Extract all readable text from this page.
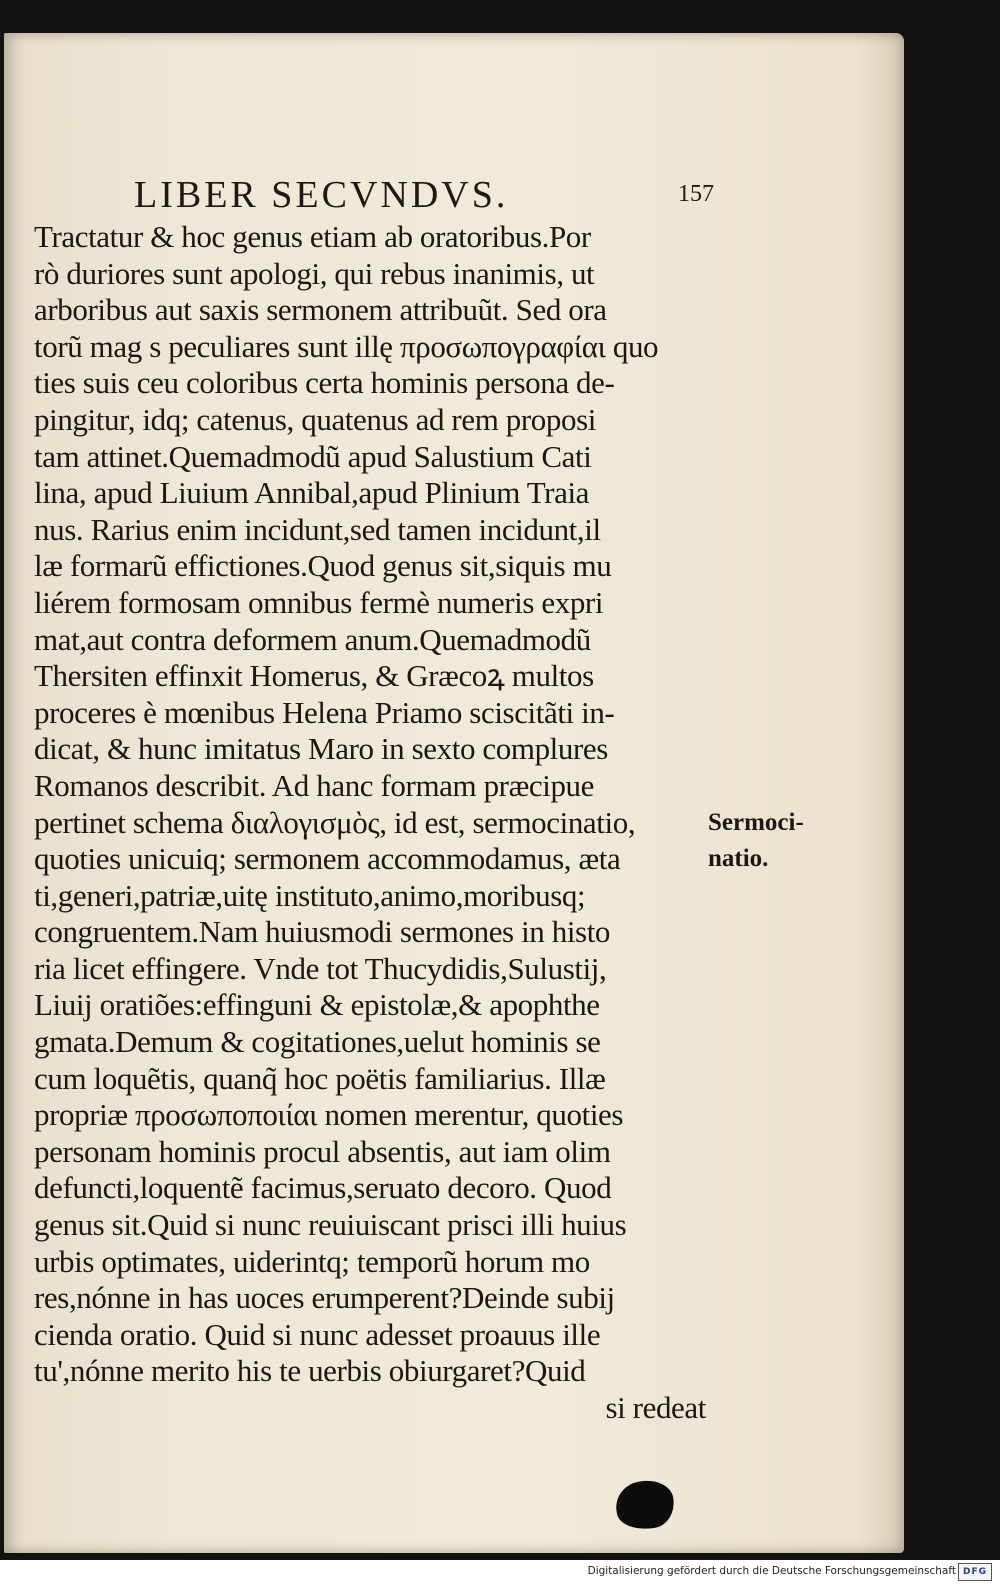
LIBER SECVNDVS.	157
Tractatur & hoc genus etiam ab oratoribus.Por
rò duriores sunt apologi, qui rebus inanimis, ut
arboribus aut saxis sermonem attribuũt. Sed ora
torũ mag s peculiares sunt illę προσωπογραφίαι quo
ties suis ceu coloribus certa hominis persona de-
pingitur, idq; catenus, quatenus ad rem proposi
tam attinet.Quemadmodũ apud Salustium Cati
lina, apud Liuium Annibal,apud Plinium Traia
nus. Rarius enim incidunt,sed tamen incidunt,il
læ formarũ effictiones.Quod genus sit,siquis mu
liérem formosam omnibus fermè numeris expri
mat,aut contra deformem anum.Quemadmodũ
Thersiten effinxit Homerus, & Græcoꝝ multos
proceres è mœnibus Helena Priamo sciscitãti in-
dicat, & hunc imitatus Maro in sexto complures
Romanos describit. Ad hanc formam præcipue
pertinet schema διαλογισμὸς, id est, sermocinatio,
quoties unicuiq; sermonem accommodamus, æta
ti,generi,patriæ,uitę instituto,animo,moribusq;
congruentem.Nam huiusmodi sermones in histo
ria licet effingere. Vnde tot Thucydidis,Sulustij,
Liuij oratiões:effinguni & epistolæ,& apophthe
gmata.Demum & cogitationes,uelut hominis se
cum loquẽtis, quanq̃ hoc poëtis familiarius. Illæ
propriæ προσωποποιίαι nomen merentur, quoties
personam hominis procul absentis, aut iam olim
defuncti,loquentẽ facimus,seruato decoro. Quod
genus sit.Quid si nunc reuiuiscant prisci illi huius
urbis optimates, uiderintq; temporũ horum mo
res,nónne in has uoces erumperent?Deinde subij
cienda oratio. Quid si nunc adesset proauus ille
tu',nónne merito his te uerbis obiurgaret?Quid
si redeat
Sermoci-
natio.
Digitalisierung gefördert durch die Deutsche Forschungsgemeinschaft DFG
